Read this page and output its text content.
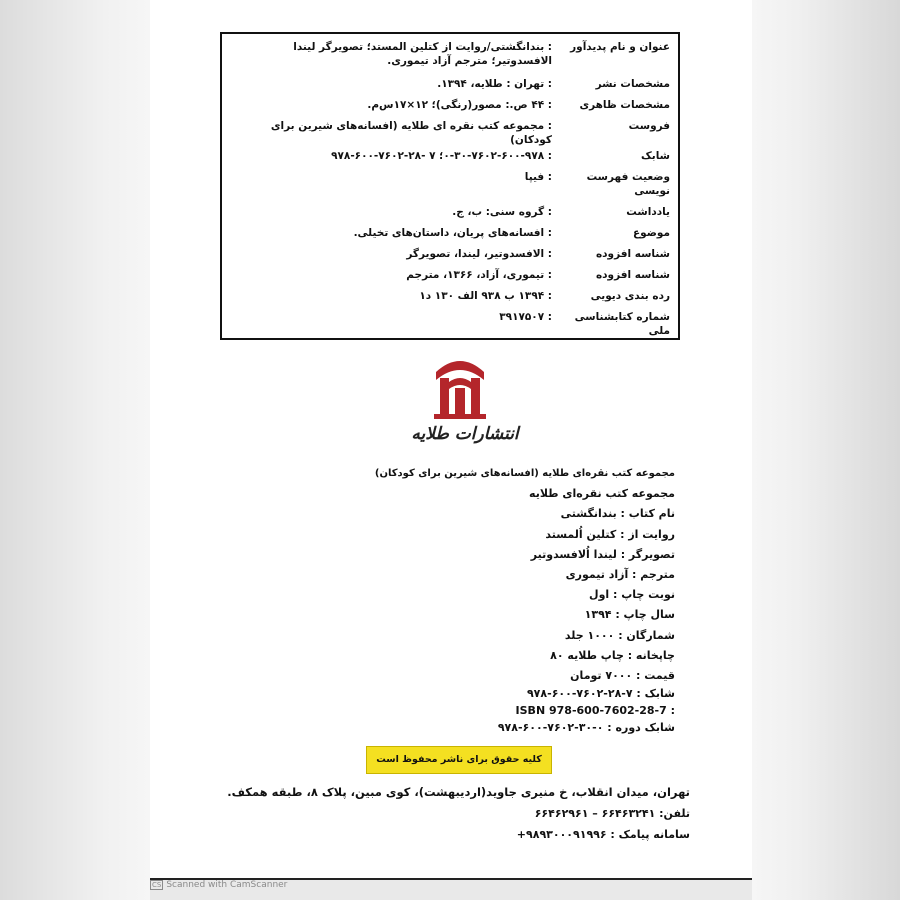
عنوان و نام پدیدآور
: بندانگشتی/روایت از کتلین المستد؛ تصویرگر لیندا الافسدوتیر؛ مترجم آزاد تیموری.
مشخصات نشر
: تهران : طلایه، ۱۳۹۴.
مشخصات ظاهری
: ۴۴ ص.: مصور(رنگی)؛ ۱۲×۱۷س‌م.
فروست
: مجموعه کتب نقره ای طلایه (افسانه‌های شیرین برای کودکان)
شابک
: ۰-۳۰-۷۶۰۲-۶۰۰-۹۷۸؛ ۷ -۲۸-۷۶۰۲-۶۰۰-۹۷۸
وضعیت فهرست نویسی
: فیپا
یادداشت
: گروه سنی: ب، ج.
موضوع
: افسانه‌های پریان، داستان‌های تخیلی.
شناسه افزوده
: الافسدوتیر، لیندا، تصویرگر
شناسه افزوده
: تیموری، آزاد، ۱۳۶۶، مترجم
رده بندی دیویی
: ۱۳۹۴ ب ۹۳۸ الف ۱۳۰ د۱
شماره کتابشناسی ملی
: ۳۹۱۷۵۰۷
انتشارات طلایه
مجموعه کتب نقره‌ای طلایه (افسانه‌های شیرین برای کودکان)
مجموعه کتب نقره‌ای طلایه
نام کتاب : بندانگشتی
روایت از : کتلین اُلمستد
تصویرگر : لیندا اُلافسدوتیر
مترجم : آزاد تیموری
نوبت چاپ : اول
سال چاپ : ۱۳۹۴
شمارگان : ۱۰۰۰ جلد
چاپخانه : چاپ طلایه ۸۰
قیمت : ۷۰۰۰ تومان
شابک : ۷-۲۸-۷۶۰۲-۶۰۰-۹۷۸
978-600-7602-28-7 : ISBN
شابک دوره : ۰-۳۰-۷۶۰۲-۶۰۰-۹۷۸
کلیه حقوق برای ناشر محفوظ است
تهران، میدان انقلاب، خ منیری جاوید(اردیبهشت)، کوی مبین، پلاک ۸، طبقه همکف.
تلفن: ۶۶۴۶۳۲۴۱ – ۶۶۴۶۲۹۶۱
سامانه پیامک : ۹۸۹۳۰۰۰۹۱۹۹۶+
CS Scanned with CamScanner
